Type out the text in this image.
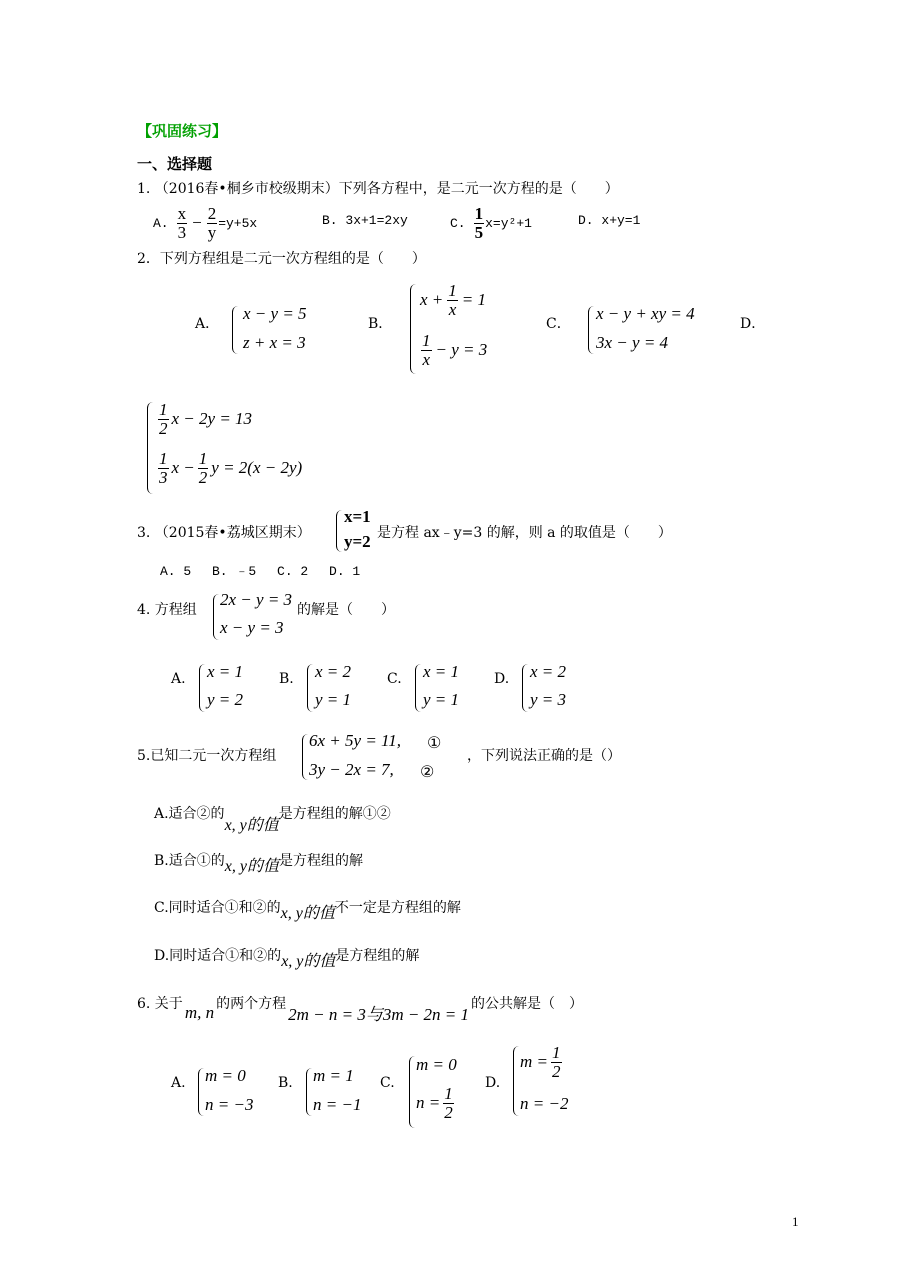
【巩固练习】
一、选择题
1. （2016春•桐乡市校级期末）下列各方程中，是二元一次方程的是（　　）
A. $\frac{x}{3} - \frac{2}{y} =y+5x$	B. 3x+1=2xy	C. $\frac{1}{5} x=y^2+1$	D. x+y=1
2．下列方程组是二元一次方程组的是（　　）
A．
x − y = 5
z + x = 3
B．
$x + \frac{1}{x} = 1$
$\frac{1}{x} - y = 3$
C．
x − y + xy = 4
3x − y = 4
D．
$\frac{1}{2}$ x − 2y = 13
$\frac{1}{3}$ $x - \frac{1}{2}$ y = 2(x − 2y)
3. （2015春•荔城区期末）
x=1
y=2 是方程 ax﹣y=3 的解，则 a 的取值是（　　）
A. 5　 B. ﹣5　 C. 2　 D. 1
4. 方程组
2x − y = 3
x − y = 3
的解是（　　）
A. x = 1
y = 2
B. x = 2
y = 1
C. x = 1
y = 1
D. x = 2
y = 3
5.已知二元一次方程组
6x + 5y = 11, ①
3y − 2x = 7, ②
，下列说法正确的是（）
A.适合②的x, y的值是方程组的解①②
B.适合①的x, y的值是方程组的解
C.同时适合①和②的x, y的值不一定是方程组的解
D.同时适合①和②的x, y的值是方程组的解
6. 关于 m, n 的两个方程2m − n = 3与3m − 2n = 1的公共解是（　）
A. m = 0
n = −3
B. m = 1
n = −1
C.
m = 0
$n = \frac{1}{2}$
D.
$m = \frac{1}{2}$
n = −2
1
